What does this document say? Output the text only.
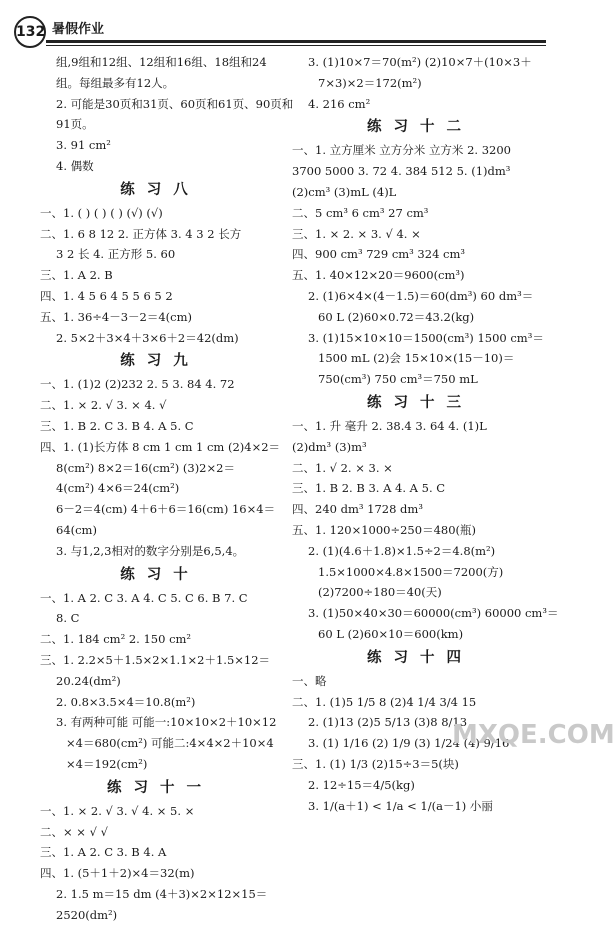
132 暑假作业
组,9组和12组、12组和16组、18组和24
组。每组最多有12人。
2. 可能是30页和31页、60页和61页、90页和
91页。
3. 91 cm²
4. 偶数
练习八
一、1. ( ) ( ) ( ) (√) (√)
二、1. 6 8 12 2. 正方体 3. 4 3 2 长方
3 2 长 4. 正方形 5. 60
三、1. A 2. B
四、1. 4 5 6 4 5 5 6 5 2
五、1. 36÷4－3－2＝4(cm)
2. 5×2＋3×4＋3×6＋2＝42(dm)
练习九
一、1. (1)2 (2)232 2. 5 3. 84 4. 72
二、1. × 2. √ 3. × 4. √
三、1. B 2. C 3. B 4. A 5. C
四、1. (1)长方体 8 cm 1 cm 1 cm (2)4×2＝
8(cm²) 8×2＝16(cm²) (3)2×2＝
4(cm²) 4×6＝24(cm²)
6－2＝4(cm) 4＋6＋6＝16(cm) 16×4＝
64(cm)
3. 与1,2,3相对的数字分别是6,5,4。
练习十
一、1. A 2. C 3. A 4. C 5. C 6. B 7. C
8. C
二、1. 184 cm² 2. 150 cm²
三、1. 2.2×5＋1.5×2×1.1×2＋1.5×12＝
20.24(dm²)
2. 0.8×3.5×4＝10.8(m²)
3. 有两种可能 可能一:10×10×2＋10×12
×4＝680(cm²) 可能二:4×4×2＋10×4
×4＝192(cm²)
练习十一
一、1. × 2. √ 3. √ 4. × 5. ×
二、× × √ √
三、1. A 2. C 3. B 4. A
四、1. (5＋1＋2)×4＝32(m)
2. 1.5 m＝15 dm (4＋3)×2×12×15＝
2520(dm²)
3. (1)10×7＝70(m²) (2)10×7＋(10×3＋
7×3)×2＝172(m²)
4. 216 cm²
练习十二
一、1. 立方厘米 立方分米 立方米 2. 3200
3700 5000 3. 72 4. 384 512 5. (1)dm³
(2)cm³ (3)mL (4)L
二、5 cm³ 6 cm³ 27 cm³
三、1. × 2. × 3. √ 4. ×
四、900 cm³ 729 cm³ 324 cm³
五、1. 40×12×20＝9600(cm³)
2. (1)6×4×(4－1.5)＝60(dm³) 60 dm³＝
60 L (2)60×0.72＝43.2(kg)
3. (1)15×10×10＝1500(cm³) 1500 cm³＝
1500 mL (2)会 15×10×(15－10)＝
750(cm³) 750 cm³＝750 mL
练习十三
一、1. 升 毫升 2. 38.4 3. 64 4. (1)L
(2)dm³ (3)m³
二、1. √ 2. × 3. ×
三、1. B 2. B 3. A 4. A 5. C
四、240 dm³ 1728 dm³
五、1. 120×1000÷250＝480(瓶)
2. (1)(4.6＋1.8)×1.5÷2＝4.8(m²)
1.5×1000×4.8×1500＝7200(方)
(2)7200÷180＝40(天)
3. (1)50×40×30＝60000(cm³) 60000 cm³＝
60 L (2)60×10＝600(km)
练习十四
一、略
二、1. (1)5 1/5 8 (2)4 1/4 3/4 15
2. (1)13 (2)5 5/13 (3)8 8/13
3. (1) 1/16 (2) 1/9 (3) 1/24 (4) 9/16
三、1. (1) 1/3 (2)15÷3＝5(块)
2. 12÷15＝4/5(kg)
3. 1/(a＋1) < 1/a < 1/(a－1) 小丽
MXQE.COM
